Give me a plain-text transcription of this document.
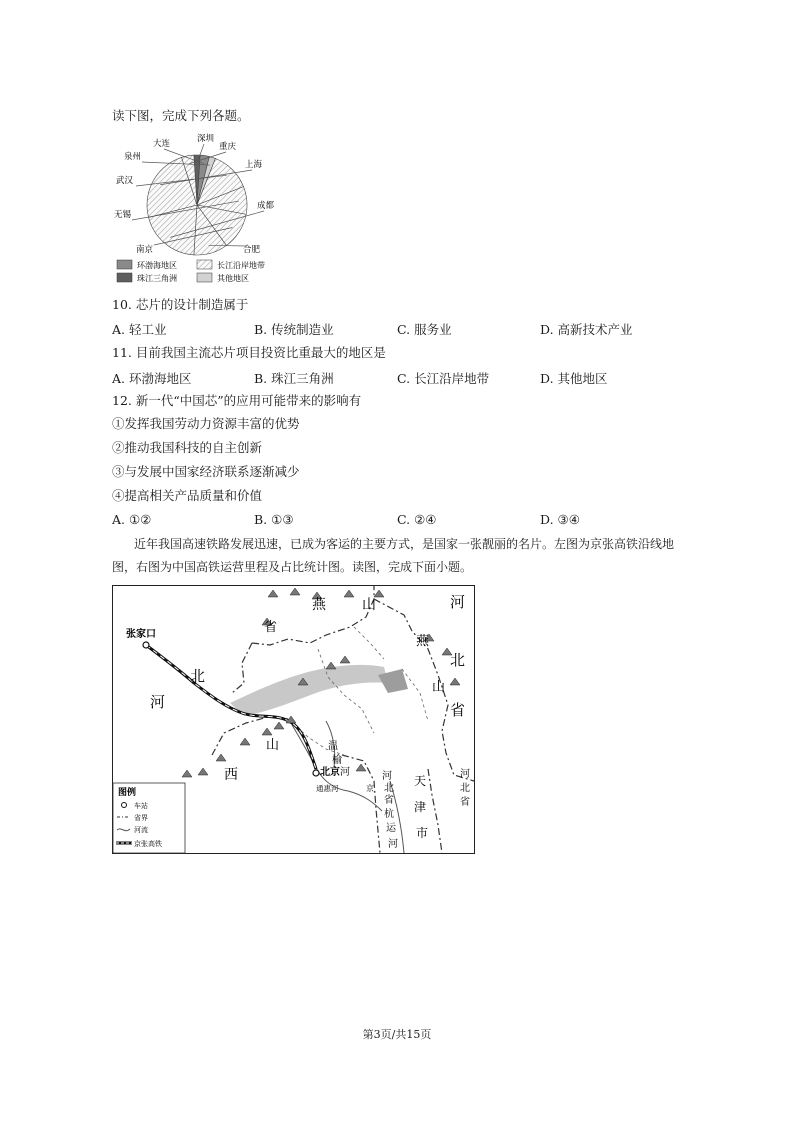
读下图，完成下列各题。
深圳
大连	重庆
泉州
上海
武汉
成都
无锡
南京	合肥
环渤海地区	长江沿岸地带
珠江三角洲	其他地区
10. 芯片的设计制造属于
A. 轻工业	B. 传统制造业	C. 服务业	D. 高新技术产业
11. 目前我国主流芯片项目投资比重最大的地区是
A. 环渤海地区	B. 珠江三角洲	C. 长江沿岸地带	D. 其他地区
12. 新一代“中国芯”的应用可能带来的影响有
①发挥我国劳动力资源丰富的优势
②推动我国科技的自主创新
③与发展中国家经济联系逐渐减少
④提高相关产品质量和价值
A. ①②	B. ①③	C. ②④	D. ③④
近年我国高速铁路发展迅速，已成为客运的主要方式，是国家一张靓丽的名片。左图为京张高铁沿线地图，右图为中国高铁运营里程及占比统计图。读图，完成下面小题。
张家口
北京
河
北
西
山
燕	山	河
燕
北
山
省
省
温
榆
河
通惠河
河
北
省
天
津
市
河
北
省
杭
运
河
京
图例
车站
省界
河流
京张高铁
第3页/共15页
